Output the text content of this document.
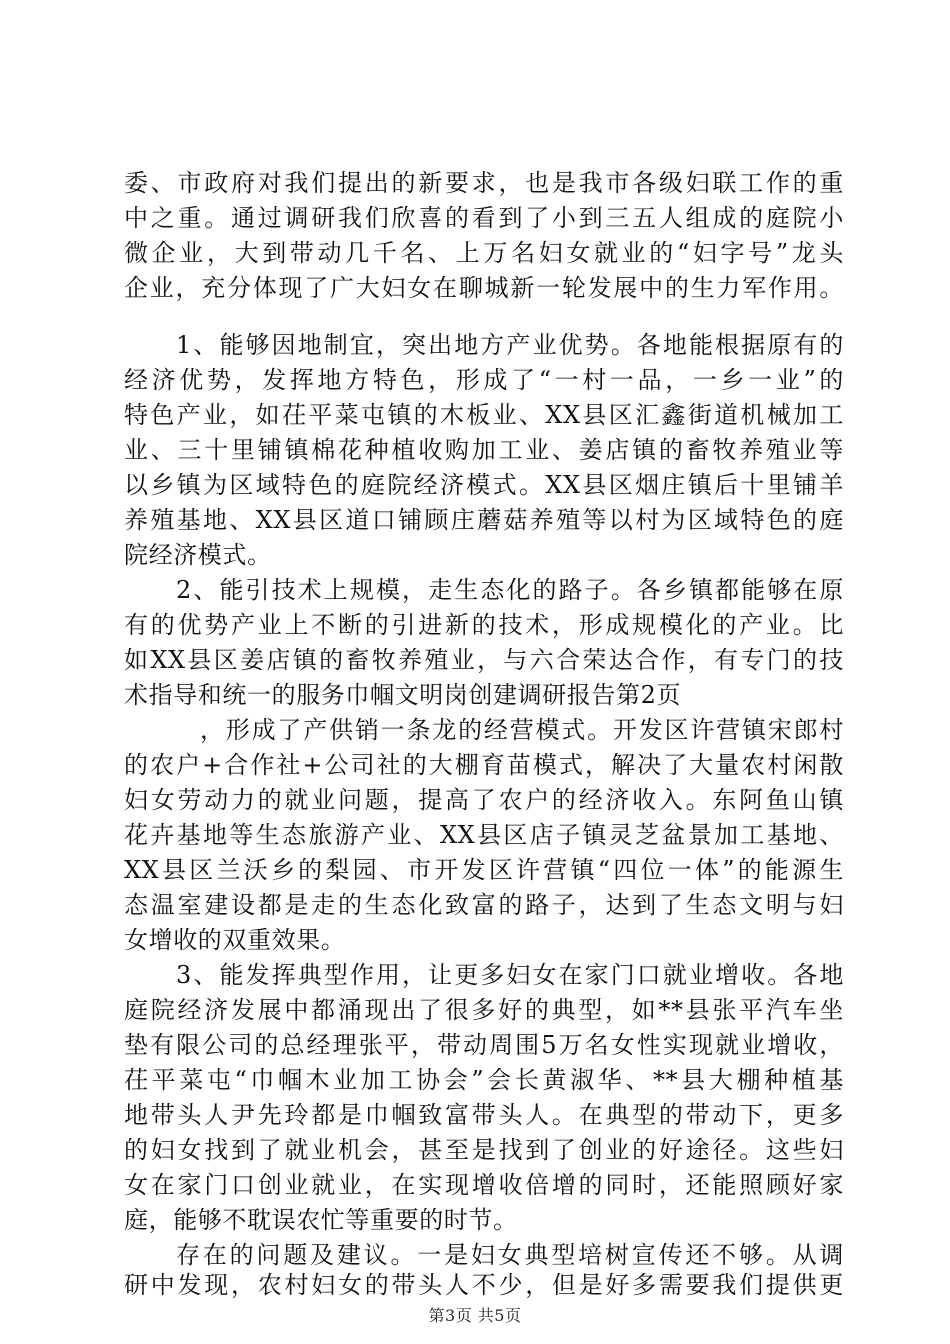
委、市政府对我们提出的新要求，也是我市各级妇联工作的重

中之重。通过调研我们欣喜的看到了小到三五人组成的庭院小

微企业，大到带动几千名、上万名妇女就业的“妇字号”龙头

企业，充分体现了广大妇女在聊城新一轮发展中的生力军作用。

1、能够因地制宜，突出地方产业优势。各地能根据原有的

经济优势，发挥地方特色，形成了“一村一品，一乡一业”的

特色产业，如茌平菜屯镇的木板业、XX县区汇鑫街道机械加工

业、三十里铺镇棉花种植收购加工业、姜店镇的畜牧养殖业等

以乡镇为区域特色的庭院经济模式。XX县区烟庄镇后十里铺羊

养殖基地、XX县区道口铺顾庄蘑菇养殖等以村为区域特色的庭

院经济模式。

2、能引技术上规模，走生态化的路子。各乡镇都能够在原

有的优势产业上不断的引进新的技术，形成规模化的产业。比

如XX县区姜店镇的畜牧养殖业，与六合荣达合作，有专门的技

术指导和统一的服务巾帼文明岗创建调研报告第2页

，形成了产供销一条龙的经营模式。开发区许营镇宋郎村

的农户+合作社+公司社的大棚育苗模式，解决了大量农村闲散

妇女劳动力的就业问题，提高了农户的经济收入。东阿鱼山镇

花卉基地等生态旅游产业、XX县区店子镇灵芝盆景加工基地、

XX县区兰沃乡的梨园、市开发区许营镇“四位一体”的能源生

态温室建设都是走的生态化致富的路子，达到了生态文明与妇

女增收的双重效果。

3、能发挥典型作用，让更多妇女在家门口就业增收。各地

庭院经济发展中都涌现出了很多好的典型，如**县张平汽车坐

垫有限公司的总经理张平，带动周围5万名女性实现就业增收，

茌平菜屯“巾帼木业加工协会”会长黄淑华、**县大棚种植基

地带头人尹先玲都是巾帼致富带头人。在典型的带动下，更多

的妇女找到了就业机会，甚至是找到了创业的好途径。这些妇

女在家门口创业就业，在实现增收倍增的同时，还能照顾好家

庭，能够不耽误农忙等重要的时节。

存在的问题及建议。一是妇女典型培树宣传还不够。从调

研中发现，农村妇女的带头人不少，但是好多需要我们提供更

第3页 共5页
